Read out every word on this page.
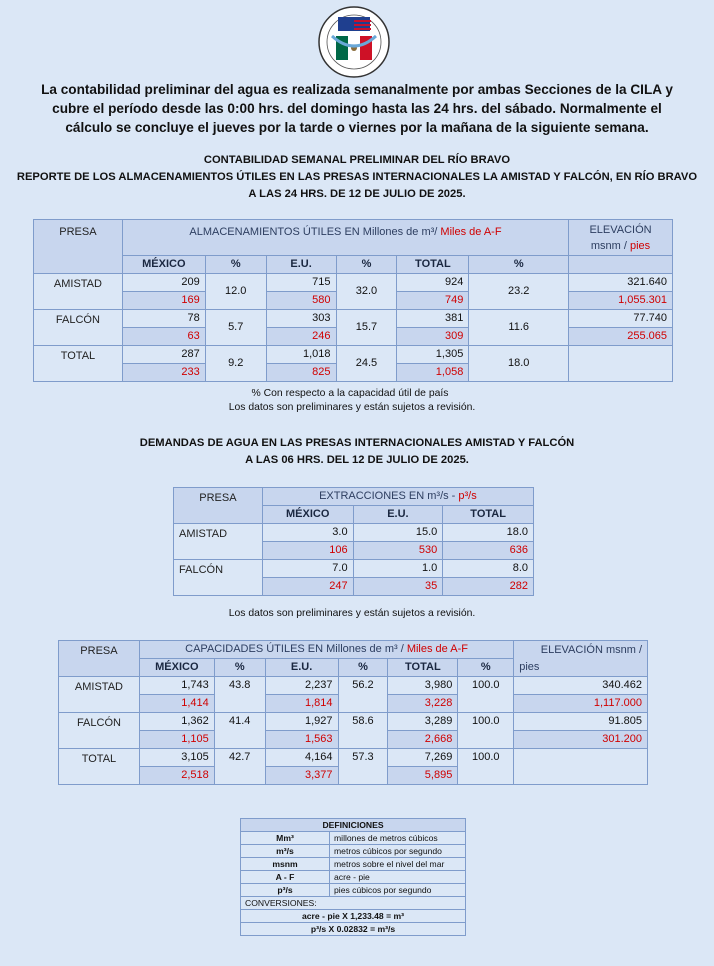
La contabilidad preliminar del agua es realizada semanalmente por ambas Secciones de la CILA y cubre el período desde las 0:00 hrs. del domingo hasta las 24 hrs. del sábado. Normalmente el cálculo se concluye el jueves por la tarde o viernes por la mañana de la siguiente semana.
CONTABILIDAD SEMANAL PRELIMINAR DEL RÍO BRAVO
REPORTE DE LOS ALMACENAMIENTOS ÚTILES EN LAS PRESAS INTERNACIONALES LA AMISTAD Y FALCÓN, EN RÍO BRAVO
A LAS 24 HRS. DE 12 DE JULIO DE 2025.
PRESA	ALMACENAMIENTOS ÚTILES EN Millones de m³/ Miles de A-F						ELEVACIÓN
msnm / pies

	MÉXICO	%	E.U.	%	TOTAL	%	
AMISTAD	209	12.0	715	32.0	924	23.2	321.640
	169		580		749		1,055.301
FALCÓN	78	5.7	303	15.7	381	11.6	77.740
	63		246		309		255.065
TOTAL	287	9.2	1,018	24.5	1,305	18.0	
	233		825		1,058		
% Con respecto a la capacidad útil de país
Los datos son preliminares y están sujetos a revisión.
DEMANDAS DE AGUA EN LAS PRESAS INTERNACIONALES AMISTAD Y FALCÓN
A LAS 06 HRS. DEL 12 DE JULIO DE 2025.
PRESA	EXTRACCIONES EN m³/s - p³/s		
	MÉXICO	E.U.	TOTAL
AMISTAD	3.0	15.0	18.0
	106	530	636
FALCÓN	7.0	1.0	8.0
	247	35	282
Los datos son preliminares y están sujetos a revisión.
PRESA	CAPACIDADES ÚTILES EN Millones de m³ / Miles de A-F						ELEVACIÓN msnm /
pies

	MÉXICO	%	E.U.	%	TOTAL	%	
AMISTAD	1,743	43.8	2,237	56.2	3,980	100.0	340.462
	1,414		1,814		3,228		1,117.000
FALCÓN	1,362	41.4	1,927	58.6	3,289	100.0	91.805
	1,105		1,563		2,668		301.200
TOTAL	3,105	42.7	4,164	57.3	7,269	100.0	
	2,518		3,377		5,895		
DEFINICIONES	
Mm³	millones de metros cúbicos
m³/s	metros cúbicos por segundo
msnm	metros sobre el nivel del mar
A - F	acre - pie
p³/s	pies cúbicos por segundo
CONVERSIONES:	
acre - pie X 1,233.48 = m³	
p³/s X 0.02832 = m³/s	
